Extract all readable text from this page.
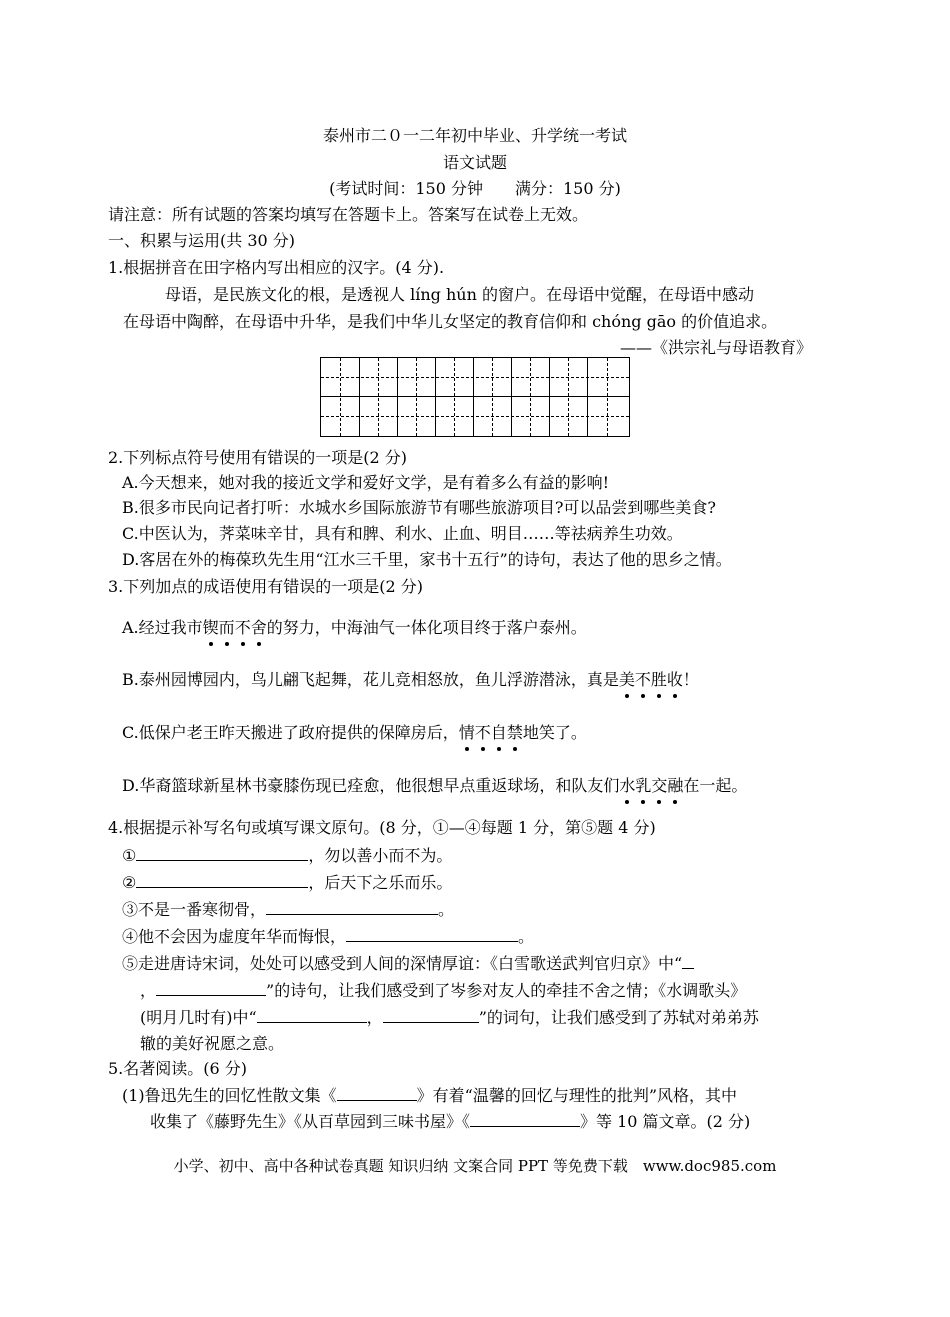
泰州市二０一二年初中毕业、升学统一考试
语文试题
(考试时间：150 分钟　　满分：150 分)
请注意：所有试题的答案均填写在答题卡上。答案写在试卷上无效。
一、积累与运用(共 30 分)
1.根据拼音在田字格内写出相应的汉字。(4 分).
母语，是民族文化的根，是透视人 líng hún 的窗户。在母语中觉醒，在母语中感动
在母语中陶醉，在母语中升华，是我们中华儿女坚定的教育信仰和 chóng gāo 的价值追求。
——《洪宗礼与母语教育》
2.下列标点符号使用有错误的一项是(2 分)
A.今天想来，她对我的接近文学和爱好文学，是有着多么有益的影响!
B.很多市民向记者打听：水城水乡国际旅游节有哪些旅游项目?可以品尝到哪些美食?
C.中医认为，荠菜味辛甘，具有和脾、利水、止血、明目……等祛病养生功效。
D.客居在外的梅葆玖先生用“江水三千里，家书十五行”的诗句，表达了他的思乡之情。
3.下列加点的成语使用有错误的一项是(2 分)
A.经过我市锲而不舍的努力，中海油气一体化项目终于落户泰州。
B.泰州园博园内，鸟儿翩飞起舞，花儿竞相怒放，鱼儿浮游潜泳，真是美不胜收！
C.低保户老王昨天搬进了政府提供的保障房后，情不自禁地笑了。
D.华裔篮球新星林书豪膝伤现已痊愈，他很想早点重返球场，和队友们水乳交融在一起。
4.根据提示补写名句或填写课文原句。(8 分，①—④每题 1 分，第⑤题 4 分)
①	，勿以善小而不为。
②	，后天下之乐而乐。
③不是一番寒彻骨，	。
④他不会因为虚度年华而悔恨，	。
⑤走进唐诗宋词，处处可以感受到人间的深情厚谊：《白雪歌送武判官归京》中“
，	”的诗句，让我们感受到了岑参对友人的牵挂不舍之情；《水调歌头》
(明月几时有)中“	，	”的词句，让我们感受到了苏轼对弟弟苏
辙的美好祝愿之意。
5.名著阅读。(6 分)
(1)鲁迅先生的回忆性散文集《	》有着“温馨的回忆与理性的批判”风格，其中
收集了《藤野先生》《从百草园到三味书屋》《	》等 10 篇文章。(2 分)
小学、初中、高中各种试卷真题 知识归纳 文案合同 PPT 等免费下载　www.doc985.com
